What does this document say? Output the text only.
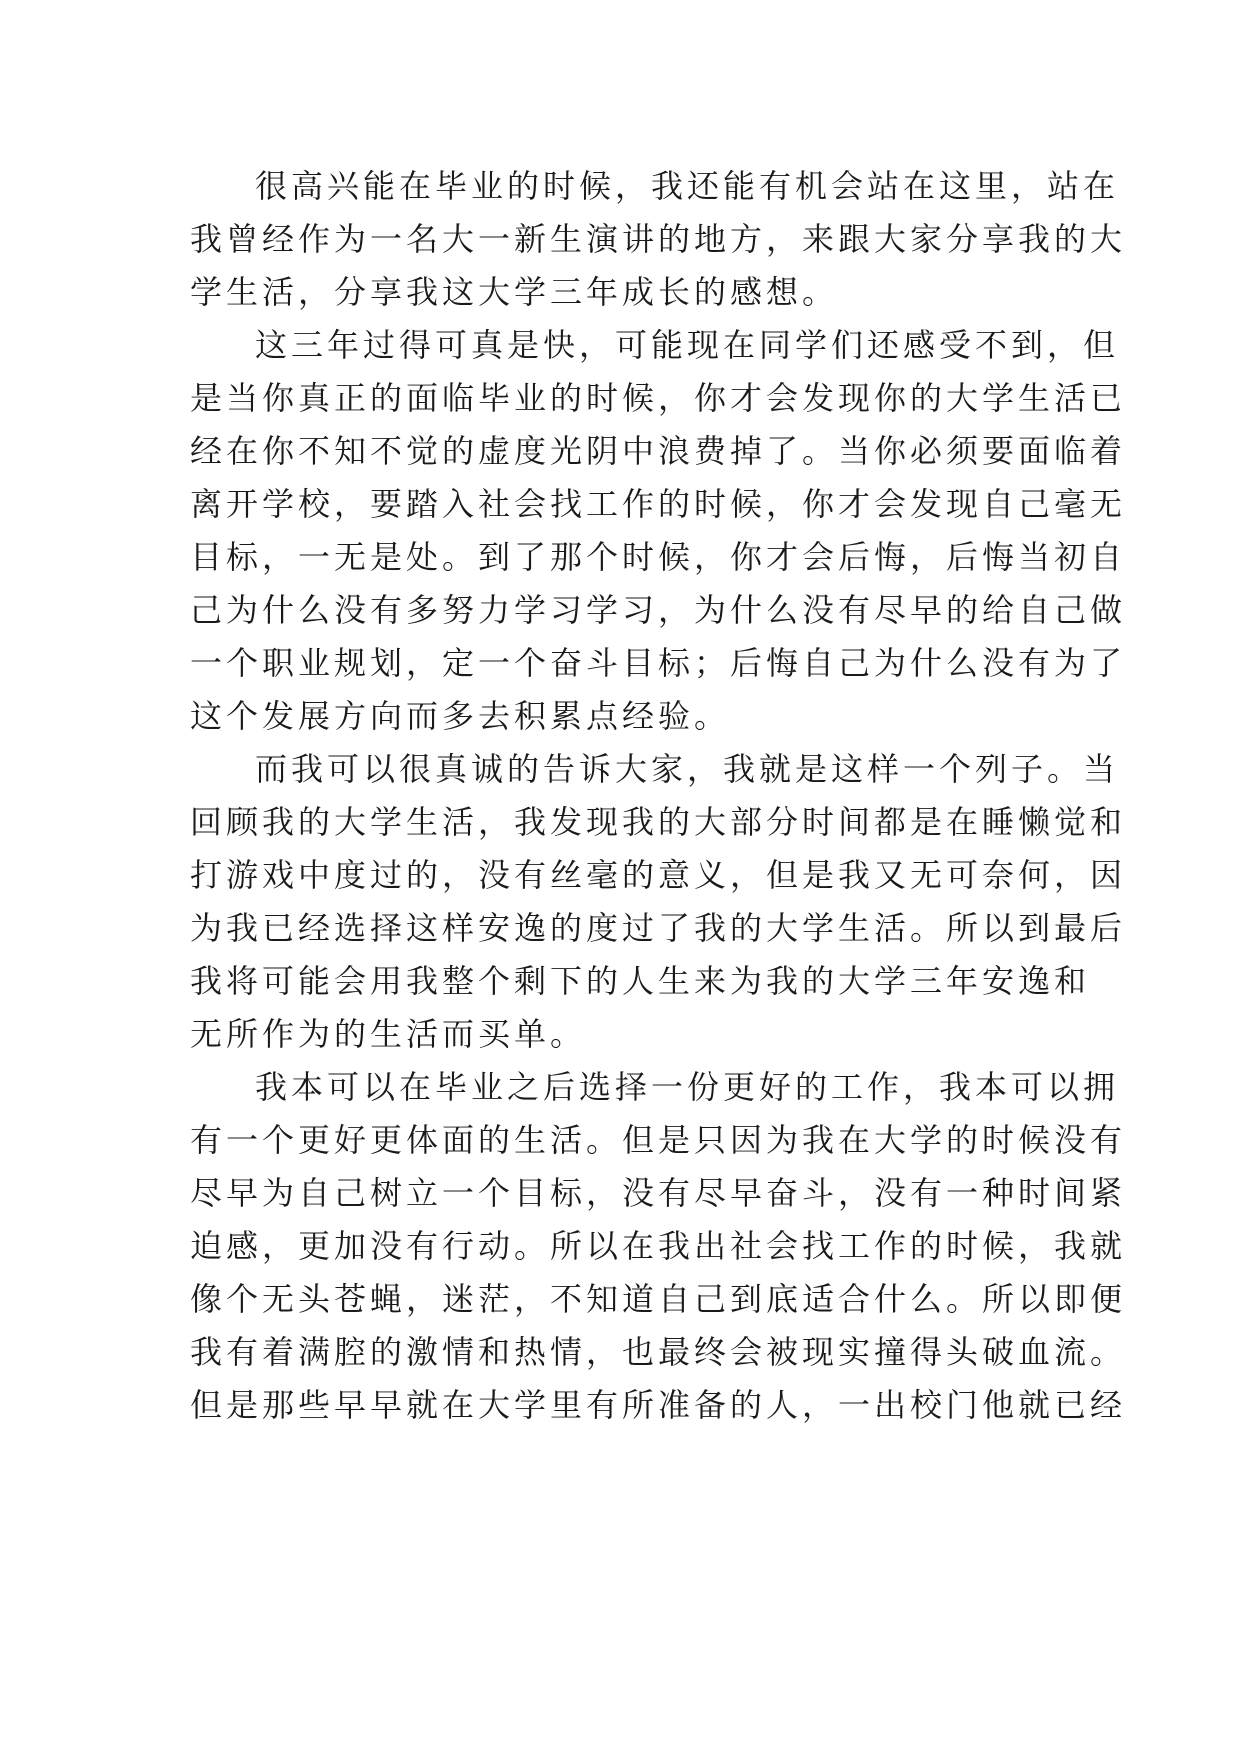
很高兴能在毕业的时候，我还能有机会站在这里，站在
我曾经作为一名大一新生演讲的地方，来跟大家分享我的大
学生活，分享我这大学三年成长的感想。
这三年过得可真是快，可能现在同学们还感受不到，但
是当你真正的面临毕业的时候，你才会发现你的大学生活已
经在你不知不觉的虚度光阴中浪费掉了。当你必须要面临着
离开学校，要踏入社会找工作的时候，你才会发现自己毫无
目标，一无是处。到了那个时候，你才会后悔，后悔当初自
己为什么没有多努力学习学习，为什么没有尽早的给自己做
一个职业规划，定一个奋斗目标；后悔自己为什么没有为了
这个发展方向而多去积累点经验。
而我可以很真诚的告诉大家，我就是这样一个列子。当
回顾我的大学生活，我发现我的大部分时间都是在睡懒觉和
打游戏中度过的，没有丝毫的意义，但是我又无可奈何，因
为我已经选择这样安逸的度过了我的大学生活。所以到最后
我将可能会用我整个剩下的人生来为我的大学三年安逸和
无所作为的生活而买单。
我本可以在毕业之后选择一份更好的工作，我本可以拥
有一个更好更体面的生活。但是只因为我在大学的时候没有
尽早为自己树立一个目标，没有尽早奋斗，没有一种时间紧
迫感，更加没有行动。所以在我出社会找工作的时候，我就
像个无头苍蝇，迷茫，不知道自己到底适合什么。所以即便
我有着满腔的激情和热情，也最终会被现实撞得头破血流。
但是那些早早就在大学里有所准备的人，一出校门他就已经
